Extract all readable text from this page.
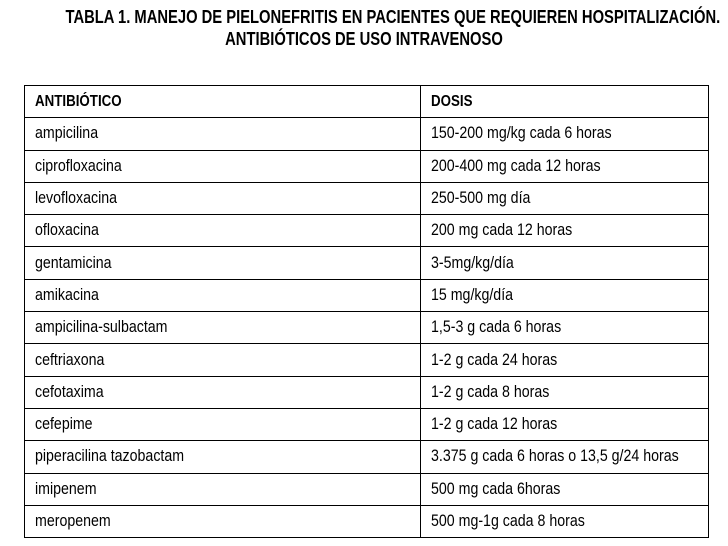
TABLA 1. MANEJO DE PIELONEFRITIS EN PACIENTES QUE REQUIEREN HOSPITALIZACIÓN.
ANTIBIÓTICOS DE USO INTRAVENOSO
ANTIBIÓTICO	DOSIS
ampicilina	150-200 mg/kg cada 6 horas
ciprofloxacina	200-400 mg cada 12 horas
levofloxacina	250-500 mg día
ofloxacina	200 mg cada 12 horas
gentamicina	3-5mg/kg/día
amikacina	15 mg/kg/día
ampicilina-sulbactam	1,5-3 g cada 6 horas
ceftriaxona	1-2 g cada 24 horas
cefotaxima	1-2 g cada 8 horas
cefepime	1-2 g cada 12 horas
piperacilina tazobactam	3.375 g cada 6 horas o 13,5 g/24 horas
imipenem	500 mg cada 6horas
meropenem	500 mg-1g cada 8 horas
